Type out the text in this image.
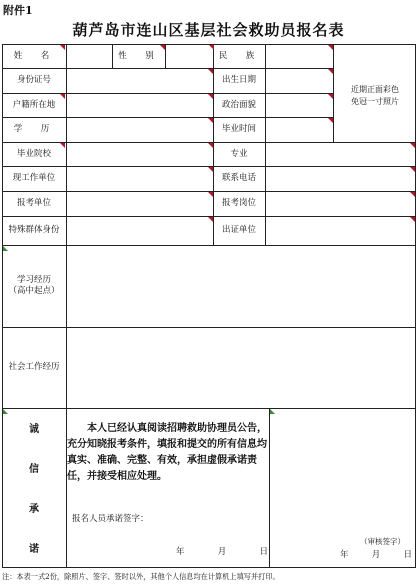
附件1
葫芦岛市连山区基层社会救助员报名表
姓　名	性　别	民　族
身份证号	出生日期
户籍所在地	政治面貌
学　历	毕业时间
毕业院校	专业
现工作单位	联系电话
报考单位	报考岗位
特殊群体身份	出证单位
学习经历
（高中起点）
社会工作经历
近期正面彩色
免冠一寸照片
诚
信
承
诺
本人已经认真阅读招聘救助协理员公告，充分知晓报考条件，填报和提交的所有信息均真实、准确、完整、有效，承担虚假承诺责任，并接受相应处理。
报名人员承诺签字：
年	月	日
（审核签字）
年	月	日
注：本表一式2份，除照片、签字、签时以外，其他个人信息均在计算机上填写并打印。
